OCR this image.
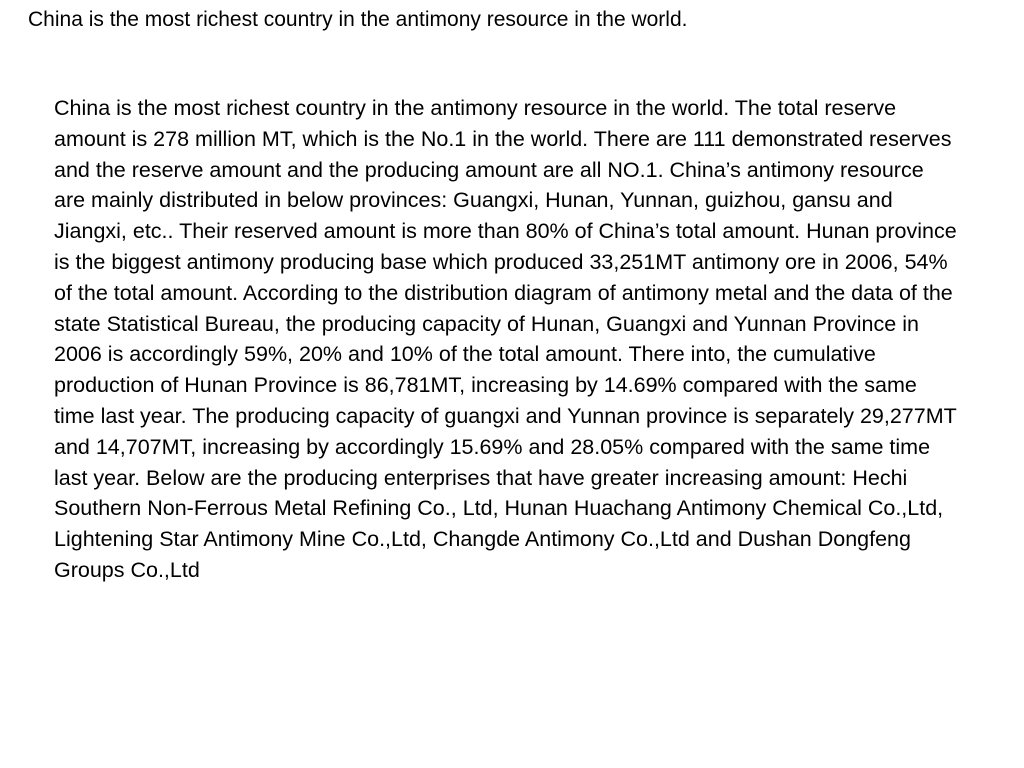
China is the most richest country in the antimony resource in the world.

China is the most richest country in the antimony resource in the world. The total reserve amount is 278 million MT, which is the No.1 in the world. There are 111 demonstrated reserves and the reserve amount and the producing amount are all NO.1. China’s antimony resource are mainly distributed in below provinces: Guangxi, Hunan, Yunnan, guizhou, gansu and Jiangxi, etc.. Their reserved amount is more than 80% of China’s total amount. Hunan province is the biggest antimony producing base which produced 33,251MT antimony ore in 2006, 54% of the total amount. According to the distribution diagram of antimony metal and the data of the state Statistical Bureau, the producing capacity of Hunan, Guangxi and Yunnan Province in 2006 is accordingly 59%, 20% and 10% of the total amount. There into, the cumulative production of Hunan Province is 86,781MT, increasing by 14.69% compared with the same time last year. The producing capacity of guangxi and Yunnan province is separately 29,277MT and 14,707MT, increasing by accordingly 15.69% and 28.05% compared with the same time last year. Below are the producing enterprises that have greater increasing amount: Hechi Southern Non-Ferrous Metal Refining Co., Ltd, Hunan Huachang Antimony Chemical Co.,Ltd, Lightening Star Antimony Mine Co.,Ltd, Changde Antimony Co.,Ltd and Dushan Dongfeng Groups Co.,Ltd
